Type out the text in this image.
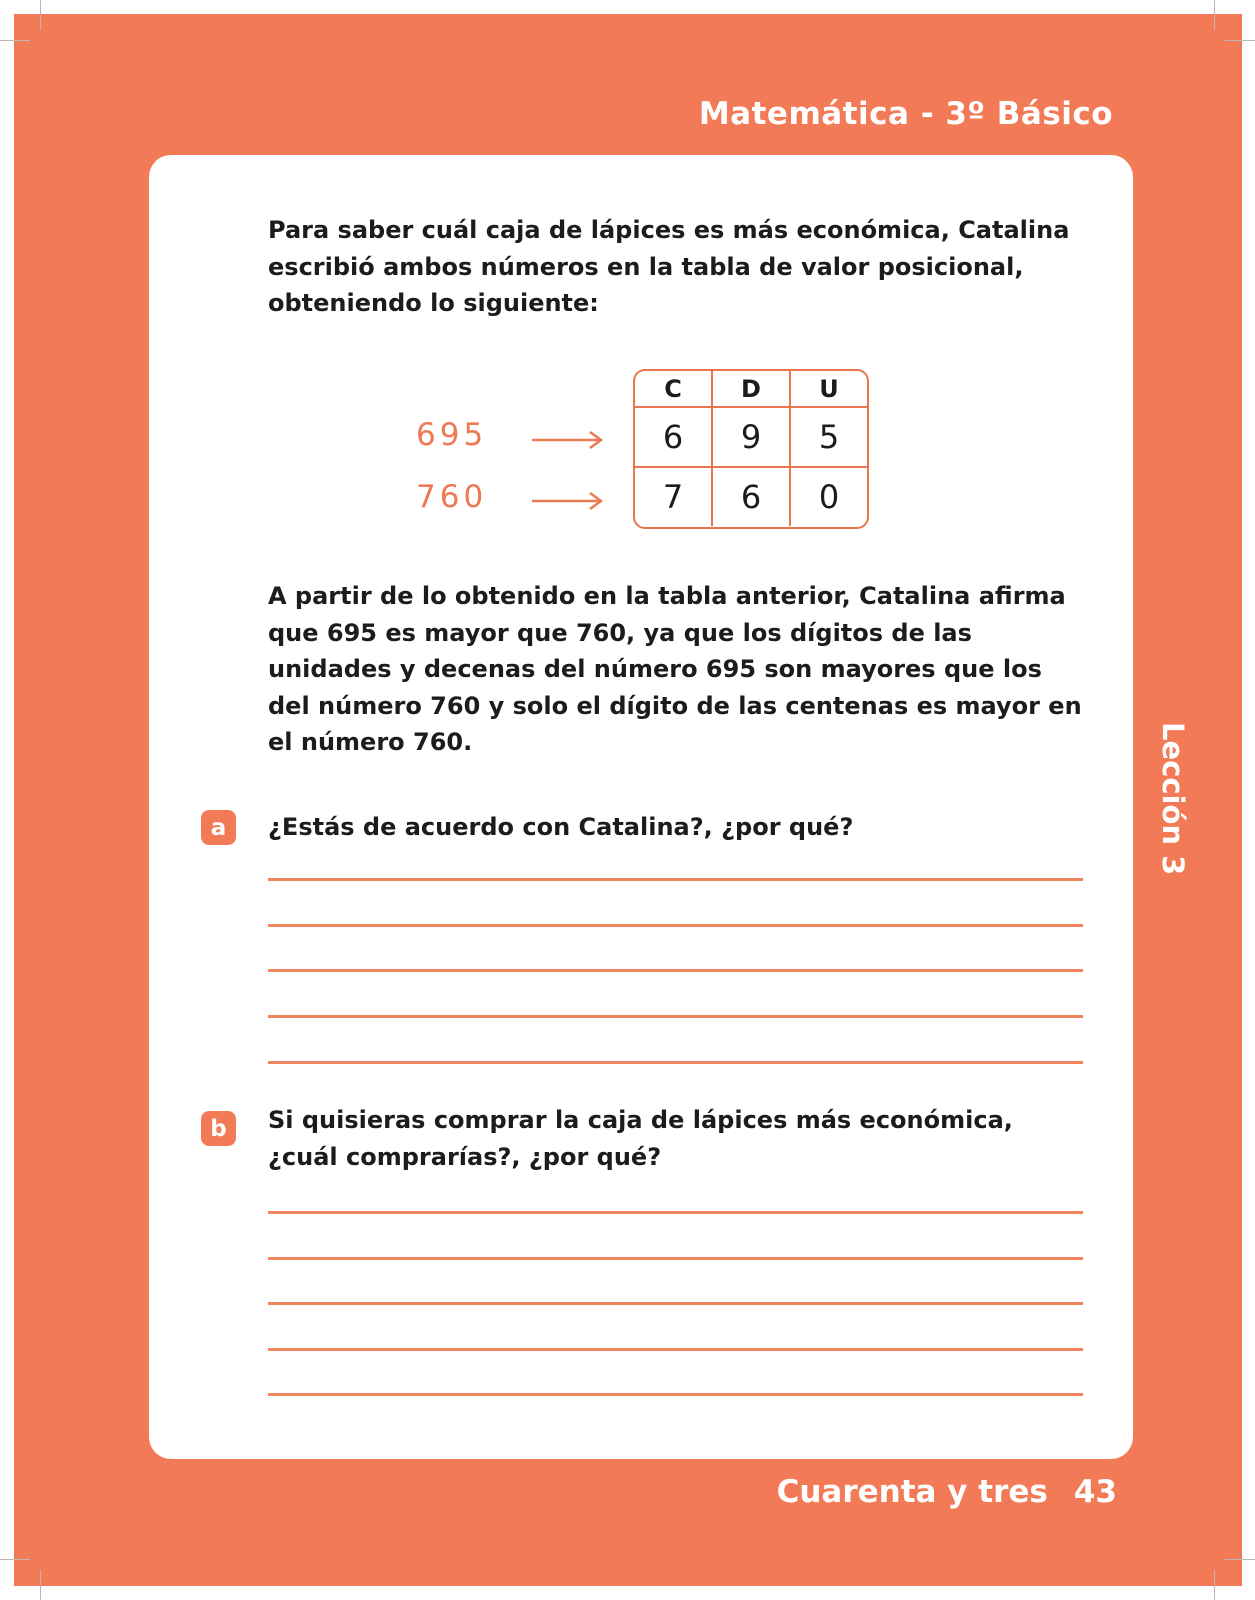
Matemática - 3º Básico

Para saber cuál caja de lápices es más económica, Catalina escribió ambos números en la tabla de valor posicional, obteniendo lo siguiente:

695
760
C	D	U
6	9	5
7	6	0

A partir de lo obtenido en la tabla anterior, Catalina afirma que 695 es mayor que 760, ya que los dígitos de las unidades y decenas del número 695 son mayores que los del número 760 y solo el dígito de las centenas es mayor en el número 760.

a	¿Estás de acuerdo con Catalina?, ¿por qué?

b	Si quisieras comprar la caja de lápices más económica, ¿cuál comprarías?, ¿por qué?

Lección 3
Cuarenta y tres 43
